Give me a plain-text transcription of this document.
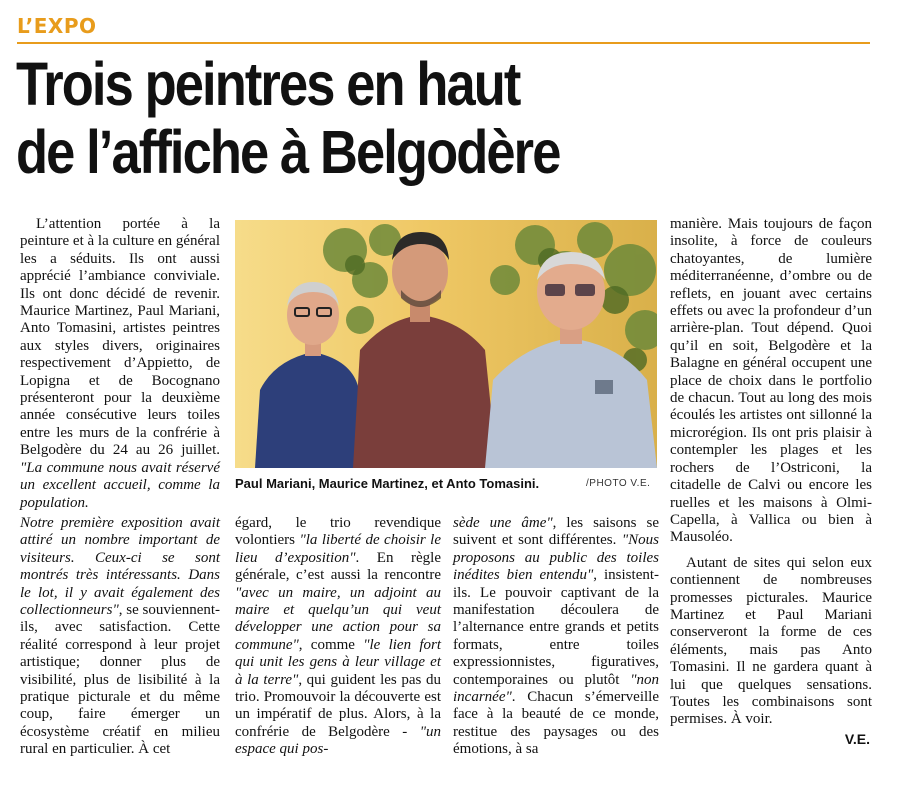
L’EXPO
Trois peintres en haut
de l’affiche à Belgodère

L’attention portée à la peinture et à la culture en général les a séduits. Ils ont aussi apprécié l’ambiance conviviale. Ils ont donc décidé de revenir. Maurice Martinez, Paul Mariani, Anto Tomasini, artistes peintres aux styles divers, originaires respectivement d’Appietto, de Lopigna et de Bocognano présenteront pour la deuxième année consécutive leurs toiles entre les murs de la confrérie à Belgodère du 24 au 26 juillet. "La commune nous avait réservé un excellent accueil, comme la population.

Paul Mariani, Maurice Martinez, et Anto Tomasini.	/PHOTO V.E.

Notre première exposition avait attiré un nombre important de visiteurs. Ceux-ci se sont montrés très intéressants. Dans le lot, il y avait également des collectionneurs", se souviennent-ils, avec satisfaction. Cette réalité correspond à leur projet artistique; donner plus de visibilité, plus de lisibilité à la pratique picturale et du même coup, faire émerger un écosystème créatif en milieu rural en particulier. À cet

égard, le trio revendique volontiers "la liberté de choisir le lieu d’exposition". En règle générale, c’est aussi la rencontre "avec un maire, un adjoint au maire et quelqu’un qui veut développer une action pour sa commune", comme "le lien fort qui unit les gens à leur village et à la terre", qui guident les pas du trio. Promouvoir la découverte est un impératif de plus. Alors, à la confrérie de Belgodère - "un espace qui pos-

sède une âme", les saisons se suivent et sont différentes. "Nous proposons au public des toiles inédites bien entendu", insistent-ils. Le pouvoir captivant de la manifestation découlera de l’alternance entre grands et petits formats, entre toiles expressionnistes, figuratives, contemporaines ou plutôt "non incarnée". Chacun s’émerveille face à la beauté de ce monde, restitue des paysages ou des émotions, à sa

manière. Mais toujours de façon insolite, à force de couleurs chatoyantes, de lumière méditerranéenne, d’ombre ou de reflets, en jouant avec certains effets ou avec la profondeur d’un arrière-plan. Tout dépend. Quoi qu’il en soit, Belgodère et la Balagne en général occupent une place de choix dans le portfolio de chacun. Tout au long des mois écoulés les artistes ont sillonné la microrégion. Ils ont pris plaisir à contempler les plages et les rochers de l’Ostriconi, la citadelle de Calvi ou encore les ruelles et les maisons à Olmi-Capella, à Vallica ou bien à Mausoléo.

Autant de sites qui selon eux contiennent de nombreuses promesses picturales. Maurice Martinez et Paul Mariani conserveront la forme de ces éléments, mais pas Anto Tomasini. Il ne gardera quant à lui que quelques sensations. Toutes les combinaisons sont permises. À voir.

V.E.
